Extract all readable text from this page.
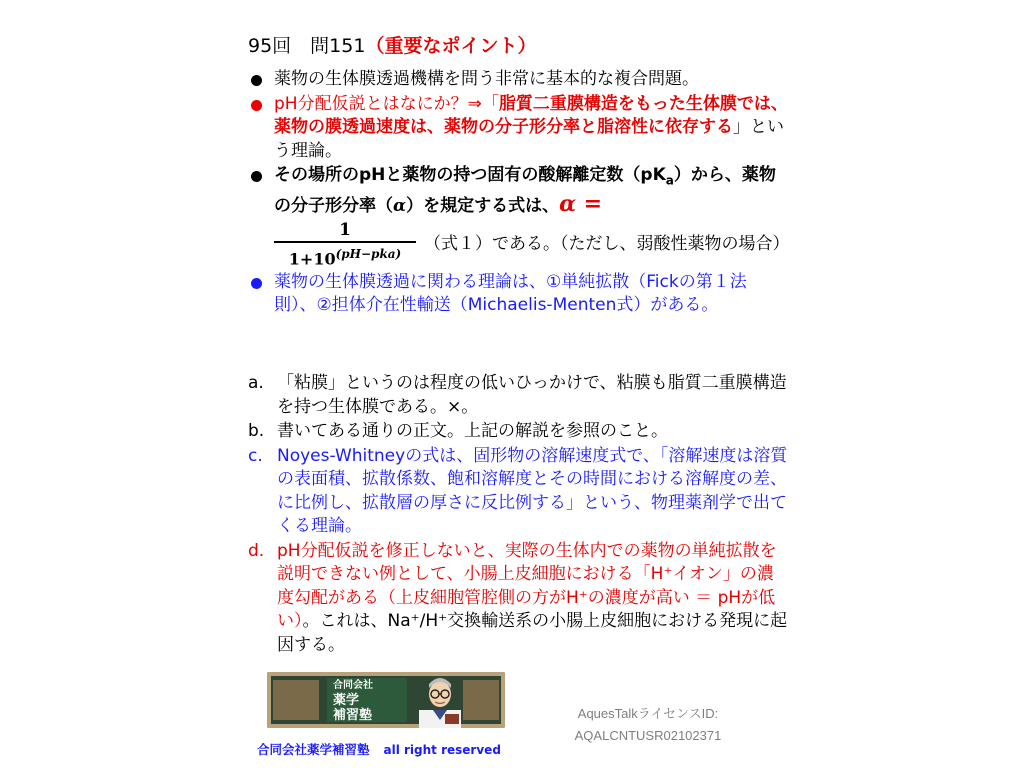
95回　問151（重要なポイント）
薬物の生体膜透過機構を問う非常に基本的な複合問題。
pH分配仮説とはなにか？⇒「脂質二重膜構造をもった生体膜では、薬物の膜透過速度は、薬物の分子形分率と脂溶性に依存する」という理論。
その場所のpHと薬物の持つ固有の酸解離定数$(pK_a)$から、薬物の分子形分率（α）を規定する式は、α =
$\frac{1}{1+10^{(pH-pka)}}$ （式１）である。（ただし、弱酸性薬物の場合）
薬物の生体膜透過に関わる理論は、①単純拡散（Fickの第１法則）、②担体介在性輸送（Michaelis-Menten式）がある。
a. 「粘膜」というのは程度の低いひっかけで、粘膜も脂質二重膜構造を持つ生体膜である。×。
b. 書いてある通りの正文。上記の解説を参照のこと。
c. Noyes-Whitneyの式は、固形物の溶解速度式で、「溶解速度は溶質の表面積、拡散係数、飽和溶解度とその時間における溶解度の差、に比例し、拡散層の厚さに反比例する」という、物理薬剤学で出てくる理論。
d. pH分配仮説を修正しないと、実際の生体内での薬物の単純拡散を説明できない例として、小腸上皮細胞における「H⁺イオン」の濃度勾配がある（上皮細胞管腔側の方がH⁺の濃度が高い ＝ pHが低い）。これは、Na⁺/H⁺交換輸送系の小腸上皮細胞における発現に起因する。
合同会社
薬学
補習塾
合同会社薬学補習塾 all right reserved
AquesTalkライセンスID:
AQALCNTUSR02102371
